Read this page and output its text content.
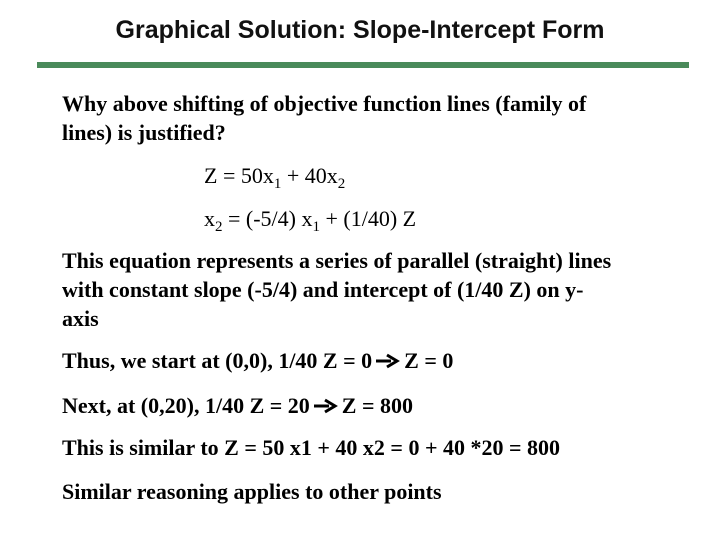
Graphical Solution: Slope-Intercept Form
Why above shifting of objective function lines (family of
lines) is justified?
$Z = 50x_1 + 40x_2$
$x_2 = (-5/4) x_1 + (1/40)$ Z
This equation represents a series of parallel (straight) lines
with constant slope (-5/4) and intercept of (1/40 Z) on y-
axis
Thus, we start at (0,0), 1/40 Z = 0 Z = 0
Next, at (0,20), 1/40 Z = 20 Z = 800
This is similar to Z = 50 x1 + 40 x2 = 0 + 40 *20 = 800
Similar reasoning applies to other points
